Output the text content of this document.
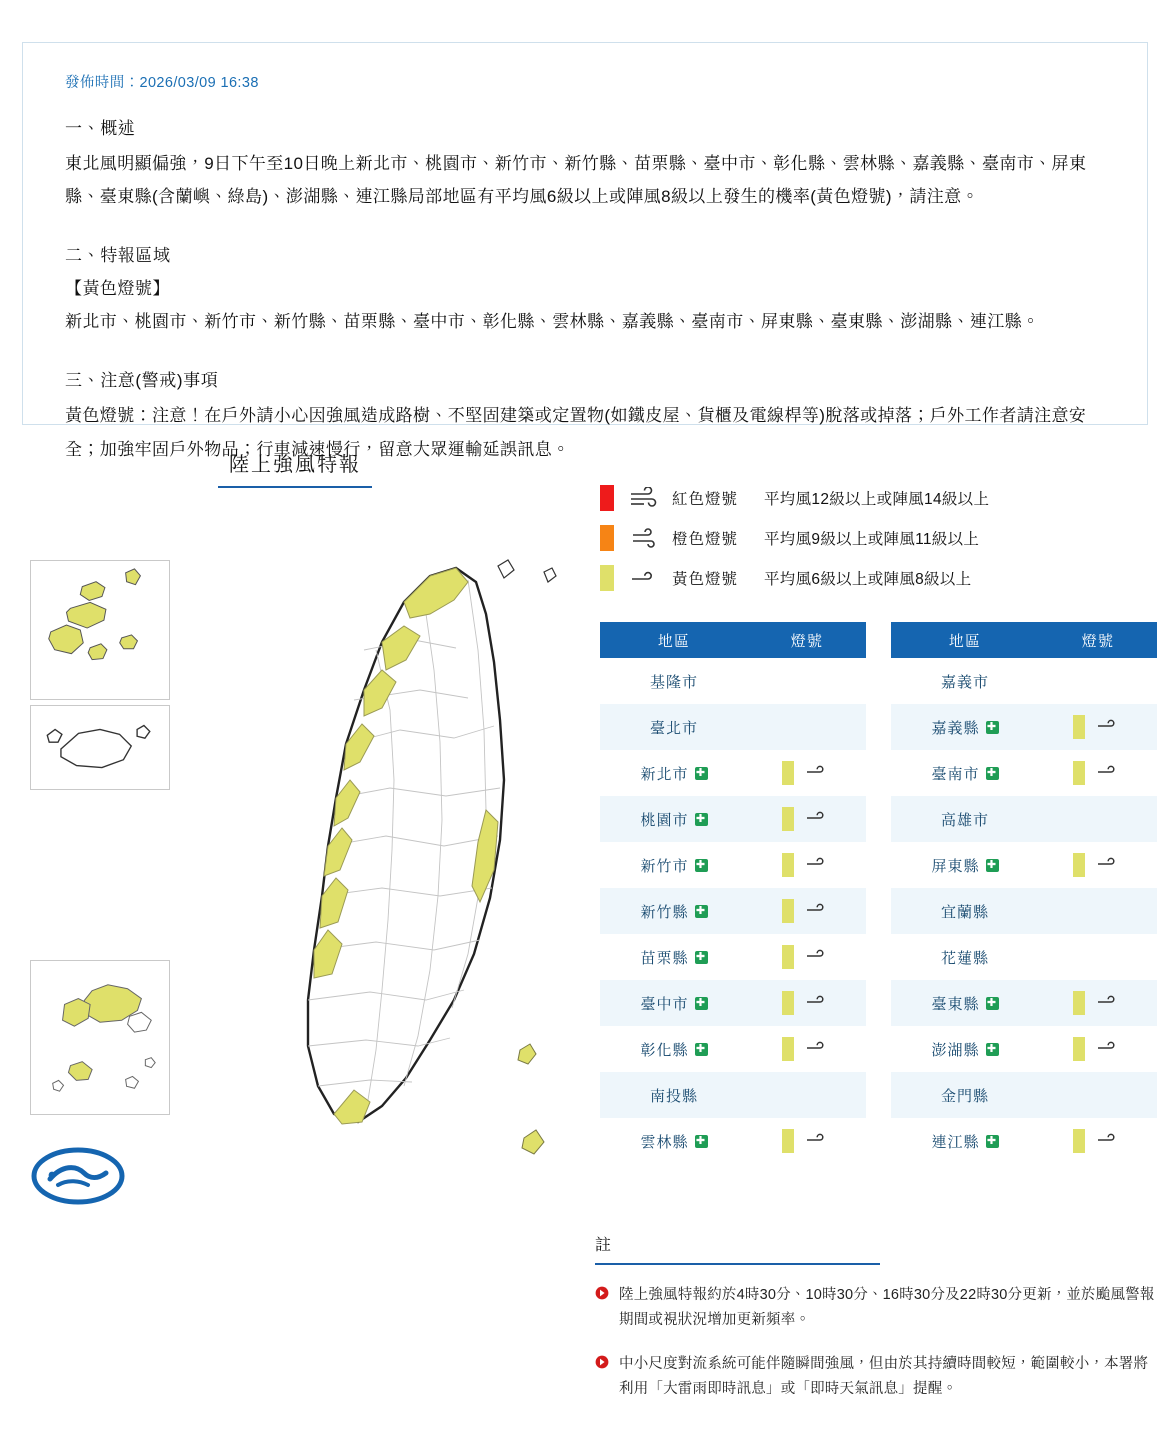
發佈時間：2026/03/09 16:38
一、概述
東北風明顯偏強，9日下午至10日晚上新北市、桃園市、新竹市、新竹縣、苗栗縣、臺中市、彰化縣、雲林縣、嘉義縣、臺南市、屏東縣、臺東縣(含蘭嶼、綠島)、澎湖縣、連江縣局部地區有平均風6級以上或陣風8級以上發生的機率(黃色燈號)，請注意。
二、特報區域
【黃色燈號】
新北市、桃園市、新竹市、新竹縣、苗栗縣、臺中市、彰化縣、雲林縣、嘉義縣、臺南市、屏東縣、臺東縣、澎湖縣、連江縣。
三、注意(警戒)事項
黃色燈號：注意！在戶外請小心因強風造成路樹、不堅固建築或定置物(如鐵皮屋、貨櫃及電線桿等)脫落或掉落；戶外工作者請注意安全；加強牢固戶外物品；行車減速慢行，留意大眾運輸延誤訊息。
陸上強風特報
紅色燈號	平均風12級以上或陣風14級以上
橙色燈號	平均風9級以上或陣風11級以上
黃色燈號	平均風6級以上或陣風8級以上
地區	燈號
基隆市
臺北市
新北市 ✚
桃園市 ✚
新竹市 ✚
新竹縣 ✚
苗栗縣 ✚
臺中市 ✚
彰化縣 ✚
南投縣
雲林縣 ✚
地區	燈號
嘉義市
嘉義縣 ✚
臺南市 ✚
高雄市
屏東縣 ✚
宜蘭縣
花蓮縣
臺東縣 ✚
澎湖縣 ✚
金門縣
連江縣 ✚
註
陸上強風特報約於4時30分、10時30分、16時30分及22時30分更新，並於颱風警報期間或視狀況增加更新頻率。
中小尺度對流系統可能伴隨瞬間強風，但由於其持續時間較短，範圍較小，本署將利用「大雷雨即時訊息」或「即時天氣訊息」提醒。
